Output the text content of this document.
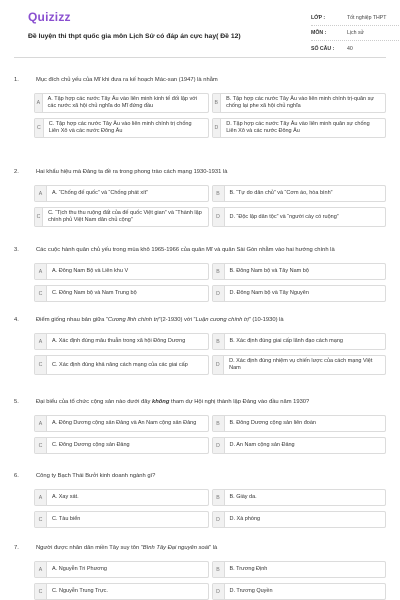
Quizizz
Đề luyện thi thpt quốc gia môn Lịch Sử có đáp án cực hay( Đề 12)
LỚP :	Tốt nghiệp THPT
MÔN :	Lịch sử
SỐ CÂU :	40
1.	Mục đích chủ yếu của Mĩ khi đưa ra kế hoạch Mác-san (1947) là nhằm
A
A. Tập hợp các nước Tây Âu vào liên minh kinh tế đối lập với các nước xã hội chủ nghĩa do Mĩ đứng đầu	B
B. Tập hợp các nước Tây Âu vào liên minh chính trị-quân sự chống lại phe xã hội chủ nghĩa
C
C. Tập hợp các nước Tây Âu vào liên minh chính trị chống Liên Xô và các nước Đông Âu	D
D. Tập hợp các nước Tây Âu vào liên minh quân sự chống Liên Xô và các nước Đông Âu
2.	Hai khẩu hiệu mà Đảng ta đề ra trong phong trào cách mạng 1930-1931 là
A	A. “Chống đế quốc” và “Chống phát xít”	B	B. “Tự do dân chủ” và “Cơm áo, hòa bình”
C
C. “Tịch thu thu ruộng đất của đế quốc Việt gian” và “Thành lập chính phủ Việt Nam dân chủ cộng”	D	D. “Độc lập dân tộc” và “người cày có ruộng”
3.	Các cuộc hành quân chủ yếu trong mùa khô 1965-1966 của quân Mĩ và quân Sài Gòn nhằm vào hai hướng chính là
A	A. Đông Nam Bộ và Liên khu V	B	B. Đông Nam bộ và Tây Nam bộ
C	C. Đông Nam bộ và Nam Trung bộ	D	D. Đông Nam bộ và Tây Nguyên
4.	Điểm giống nhau bản giữa “Cương lĩnh chính trị”(2-1930) với “Luận cương chính trị” (10-1930) là
A	A. Xác định đúng mâu thuẫn trong xã hội Đông Dương	B	B. Xác định đúng giai cấp lãnh đạo cách mạng
C	C. Xác định đúng khả năng cách mạng của các giai cấp	D
D. Xác định đúng nhiệm vụ chiến lược của cách mạng Việt Nam
5.	Đại biểu của tổ chức cộng sản nào dưới đây không tham dự Hội nghị thành lập Đảng vào đầu năm 1930?
A	A. Đông Dương cộng sản Đảng và An Nam cộng sản Đảng	B	B. Đông Dương cộng sản liên đoàn
C	C. Đông Dương cộng sản Đảng	D	D. An Nam cộng sản Đảng
6.	Công ty Bạch Thái Bưởi kinh doanh ngành gì?
A	A. Xay xát.	B	B. Giày da.
C	C. Tàu biển	D	D. Xà phòng
7.	Người được nhân dân miền Tây suy tôn “Bình Tây Đại nguyên soái” là
A	A. Nguyễn Tri Phương	B	B. Trương Định
C	C. Nguyễn Trung Trực.	D	D. Trương Quyền
